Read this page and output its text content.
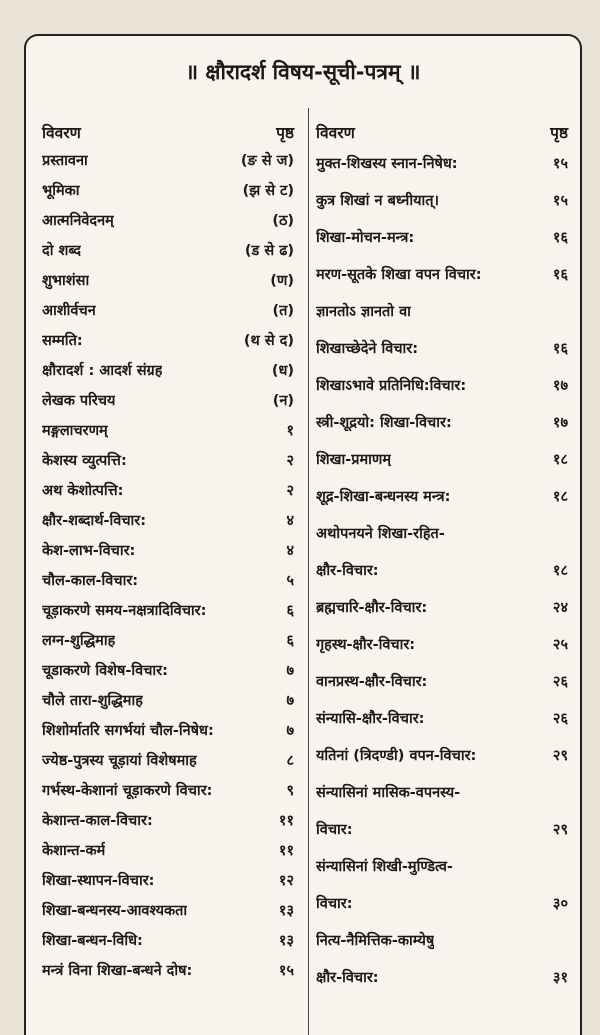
॥ क्षौरादर्श विषय-सूची-पत्रम् ॥
विवरण	पृष्ठ
प्रस्तावना	(ङ से ज)
भूमिका	(झ से ट)
आत्मनिवेदनम्	(ठ)
दो शब्द	(ड से ढ)
शुभाशंसा	(ण)
आशीर्वचन	(त)
सम्मति:	(थ से द)
क्षौरादर्श : आदर्श संग्रह	(ध)
लेखक परिचय	(न)
मङ्गलाचरणम्	१
केशस्य व्युत्पत्ति:	२
अथ केशोत्पत्ति:	२
क्षौर-शब्दार्थ-विचार:	४
केश-लाभ-विचार:	४
चौल-काल-विचार:	५
चूड़ाकरणे समय-नक्षत्रादिविचार:	६
लग्न-शुद्धिमाह	६
चूडाकरणे विशेष-विचार:	७
चौले तारा-शुद्धिमाह	७
शिशोर्मातरि सगर्भयां चौल-निषेध:	७
ज्येष्ठ-पुत्रस्य चूड़ायां विशेषमाह	८
गर्भस्थ-केशानां चूड़ाकरणे विचार:	९
केशान्त-काल-विचार:	११
केशान्त-कर्म	११
शिखा-स्थापन-विचार:	१२
शिखा-बन्धनस्य-आवश्यकता	१३
शिखा-बन्धन-विधि:	१३
मन्त्रं विना शिखा-बन्धने दोष:	१५
विवरण	पृष्ठ
मुक्त-शिखस्य स्नान-निषेध:	१५
कुत्र शिखां न बध्नीयात्।	१५
शिखा-मोचन-मन्त्र:	१६
मरण-सूतके शिखा वपन विचार:	१६
ज्ञानतोऽ ज्ञानतो वा
शिखाच्छेदेने विचार:	१६
शिखाऽभावे प्रतिनिधि:विचार:	१७
स्त्री-शूद्रयो: शिखा-विचार:	१७
शिखा-प्रमाणम्	१८
शूद्र-शिखा-बन्धनस्य मन्त्र:	१८
अथोपनयने शिखा-रहित-
क्षौर-विचार:	१८
ब्रह्मचारि-क्षौर-विचार:	२४
गृहस्थ-क्षौर-विचार:	२५
वानप्रस्थ-क्षौर-विचार:	२६
संन्यासि-क्षौर-विचार:	२६
यतिनां (त्रिदण्डी) वपन-विचार:	२९
संन्यासिनां मासिक-वपनस्य-
विचार:	२९
संन्यासिनां शिखी-मुण्डित्व-
विचार:	३०
नित्य-नैमित्तिक-काम्येषु
क्षौर-विचार:	३१
